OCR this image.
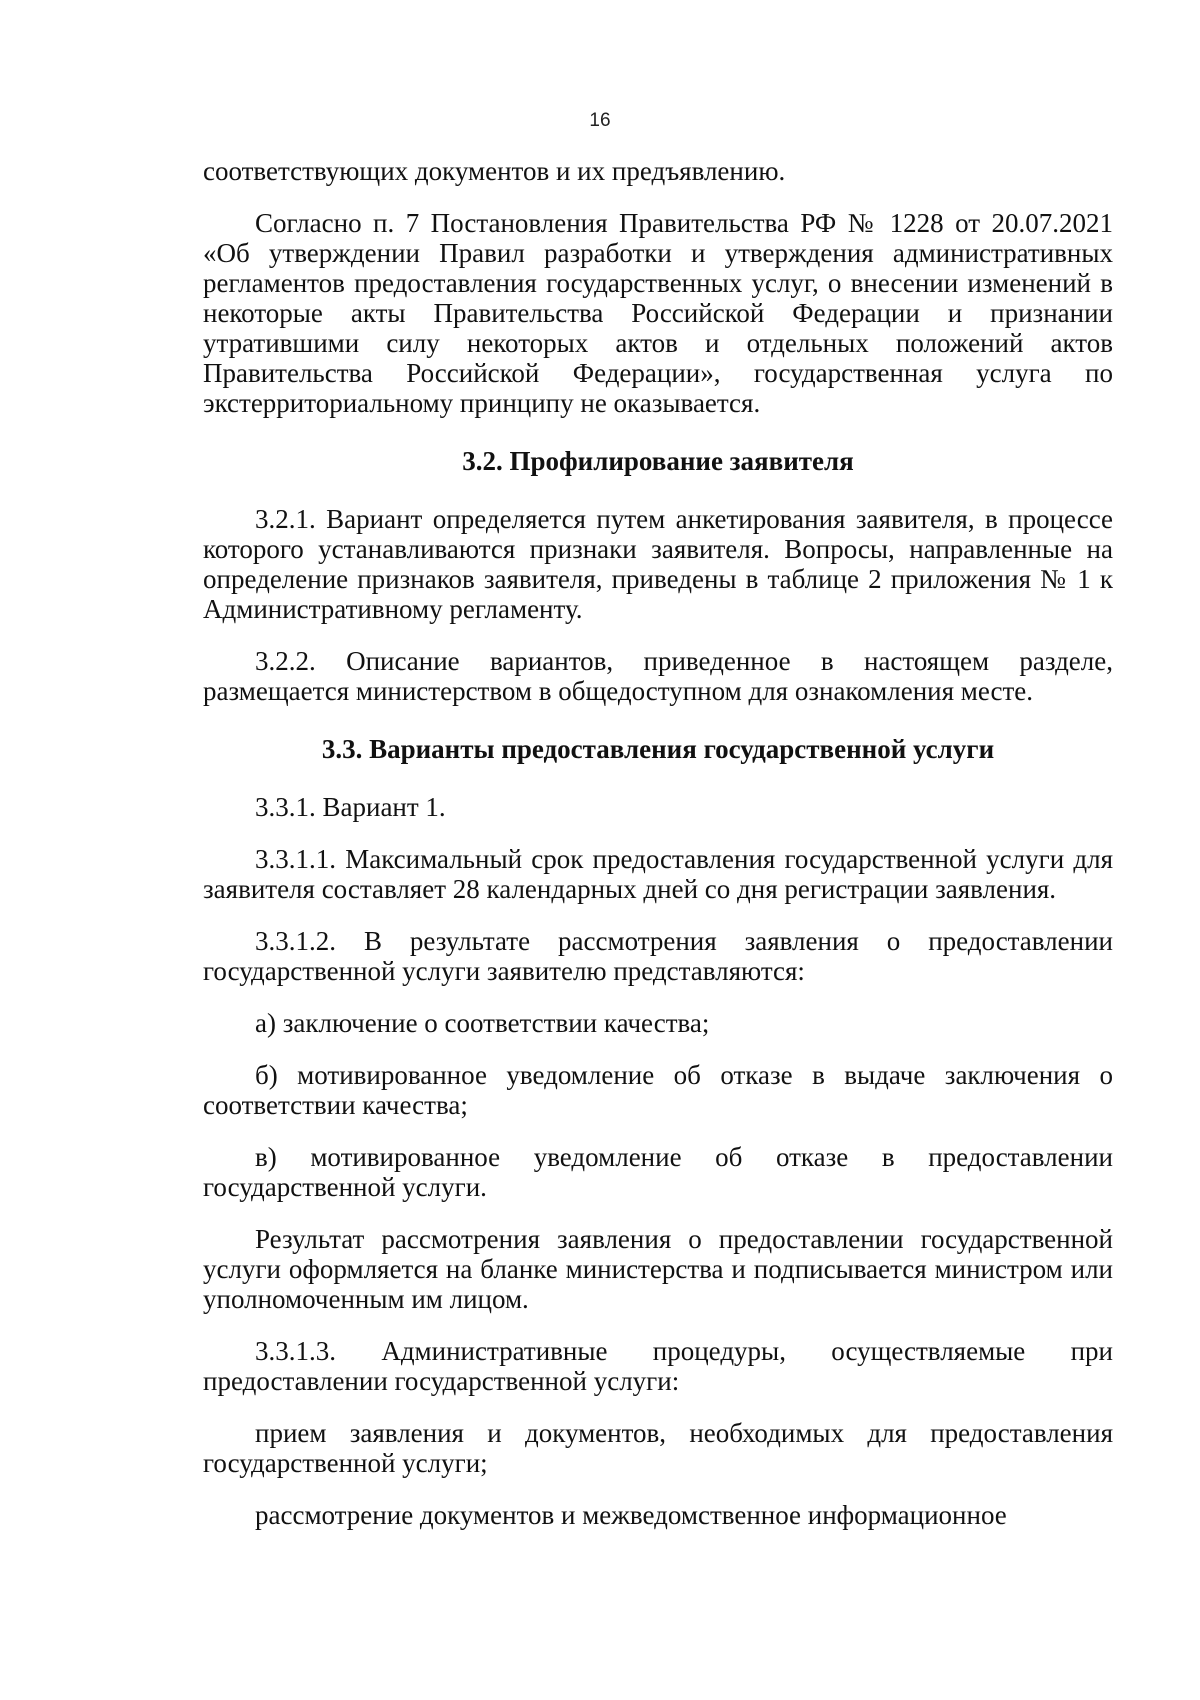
16

соответствующих документов и их предъявлению.

Согласно п. 7 Постановления Правительства РФ № 1228 от 20.07.2021 «Об утверждении Правил разработки и утверждения административных регламентов предоставления государственных услуг, о внесении изменений в некоторые акты Правительства Российской Федерации и признании утратившими силу некоторых актов и отдельных положений актов Правительства Российской Федерации», государственная услуга по экстерриториальному принципу не оказывается.

3.2. Профилирование заявителя

3.2.1. Вариант определяется путем анкетирования заявителя, в процессе которого устанавливаются признаки заявителя. Вопросы, направленные на определение признаков заявителя, приведены в таблице 2 приложения № 1 к Административному регламенту.

3.2.2. Описание вариантов, приведенное в настоящем разделе, размещается министерством в общедоступном для ознакомления месте.

3.3. Варианты предоставления государственной услуги

3.3.1. Вариант 1.

3.3.1.1. Максимальный срок предоставления государственной услуги для заявителя составляет 28 календарных дней со дня регистрации заявления.

3.3.1.2. В результате рассмотрения заявления о предоставлении государственной услуги заявителю представляются:

а) заключение о соответствии качества;

б) мотивированное уведомление об отказе в выдаче заключения о соответствии качества;

в) мотивированное уведомление об отказе в предоставлении государственной услуги.

Результат рассмотрения заявления о предоставлении государственной услуги оформляется на бланке министерства и подписывается министром или уполномоченным им лицом.

3.3.1.3. Административные процедуры, осуществляемые при предоставлении государственной услуги:

прием заявления и документов, необходимых для предоставления государственной услуги;

рассмотрение документов и межведомственное информационное
